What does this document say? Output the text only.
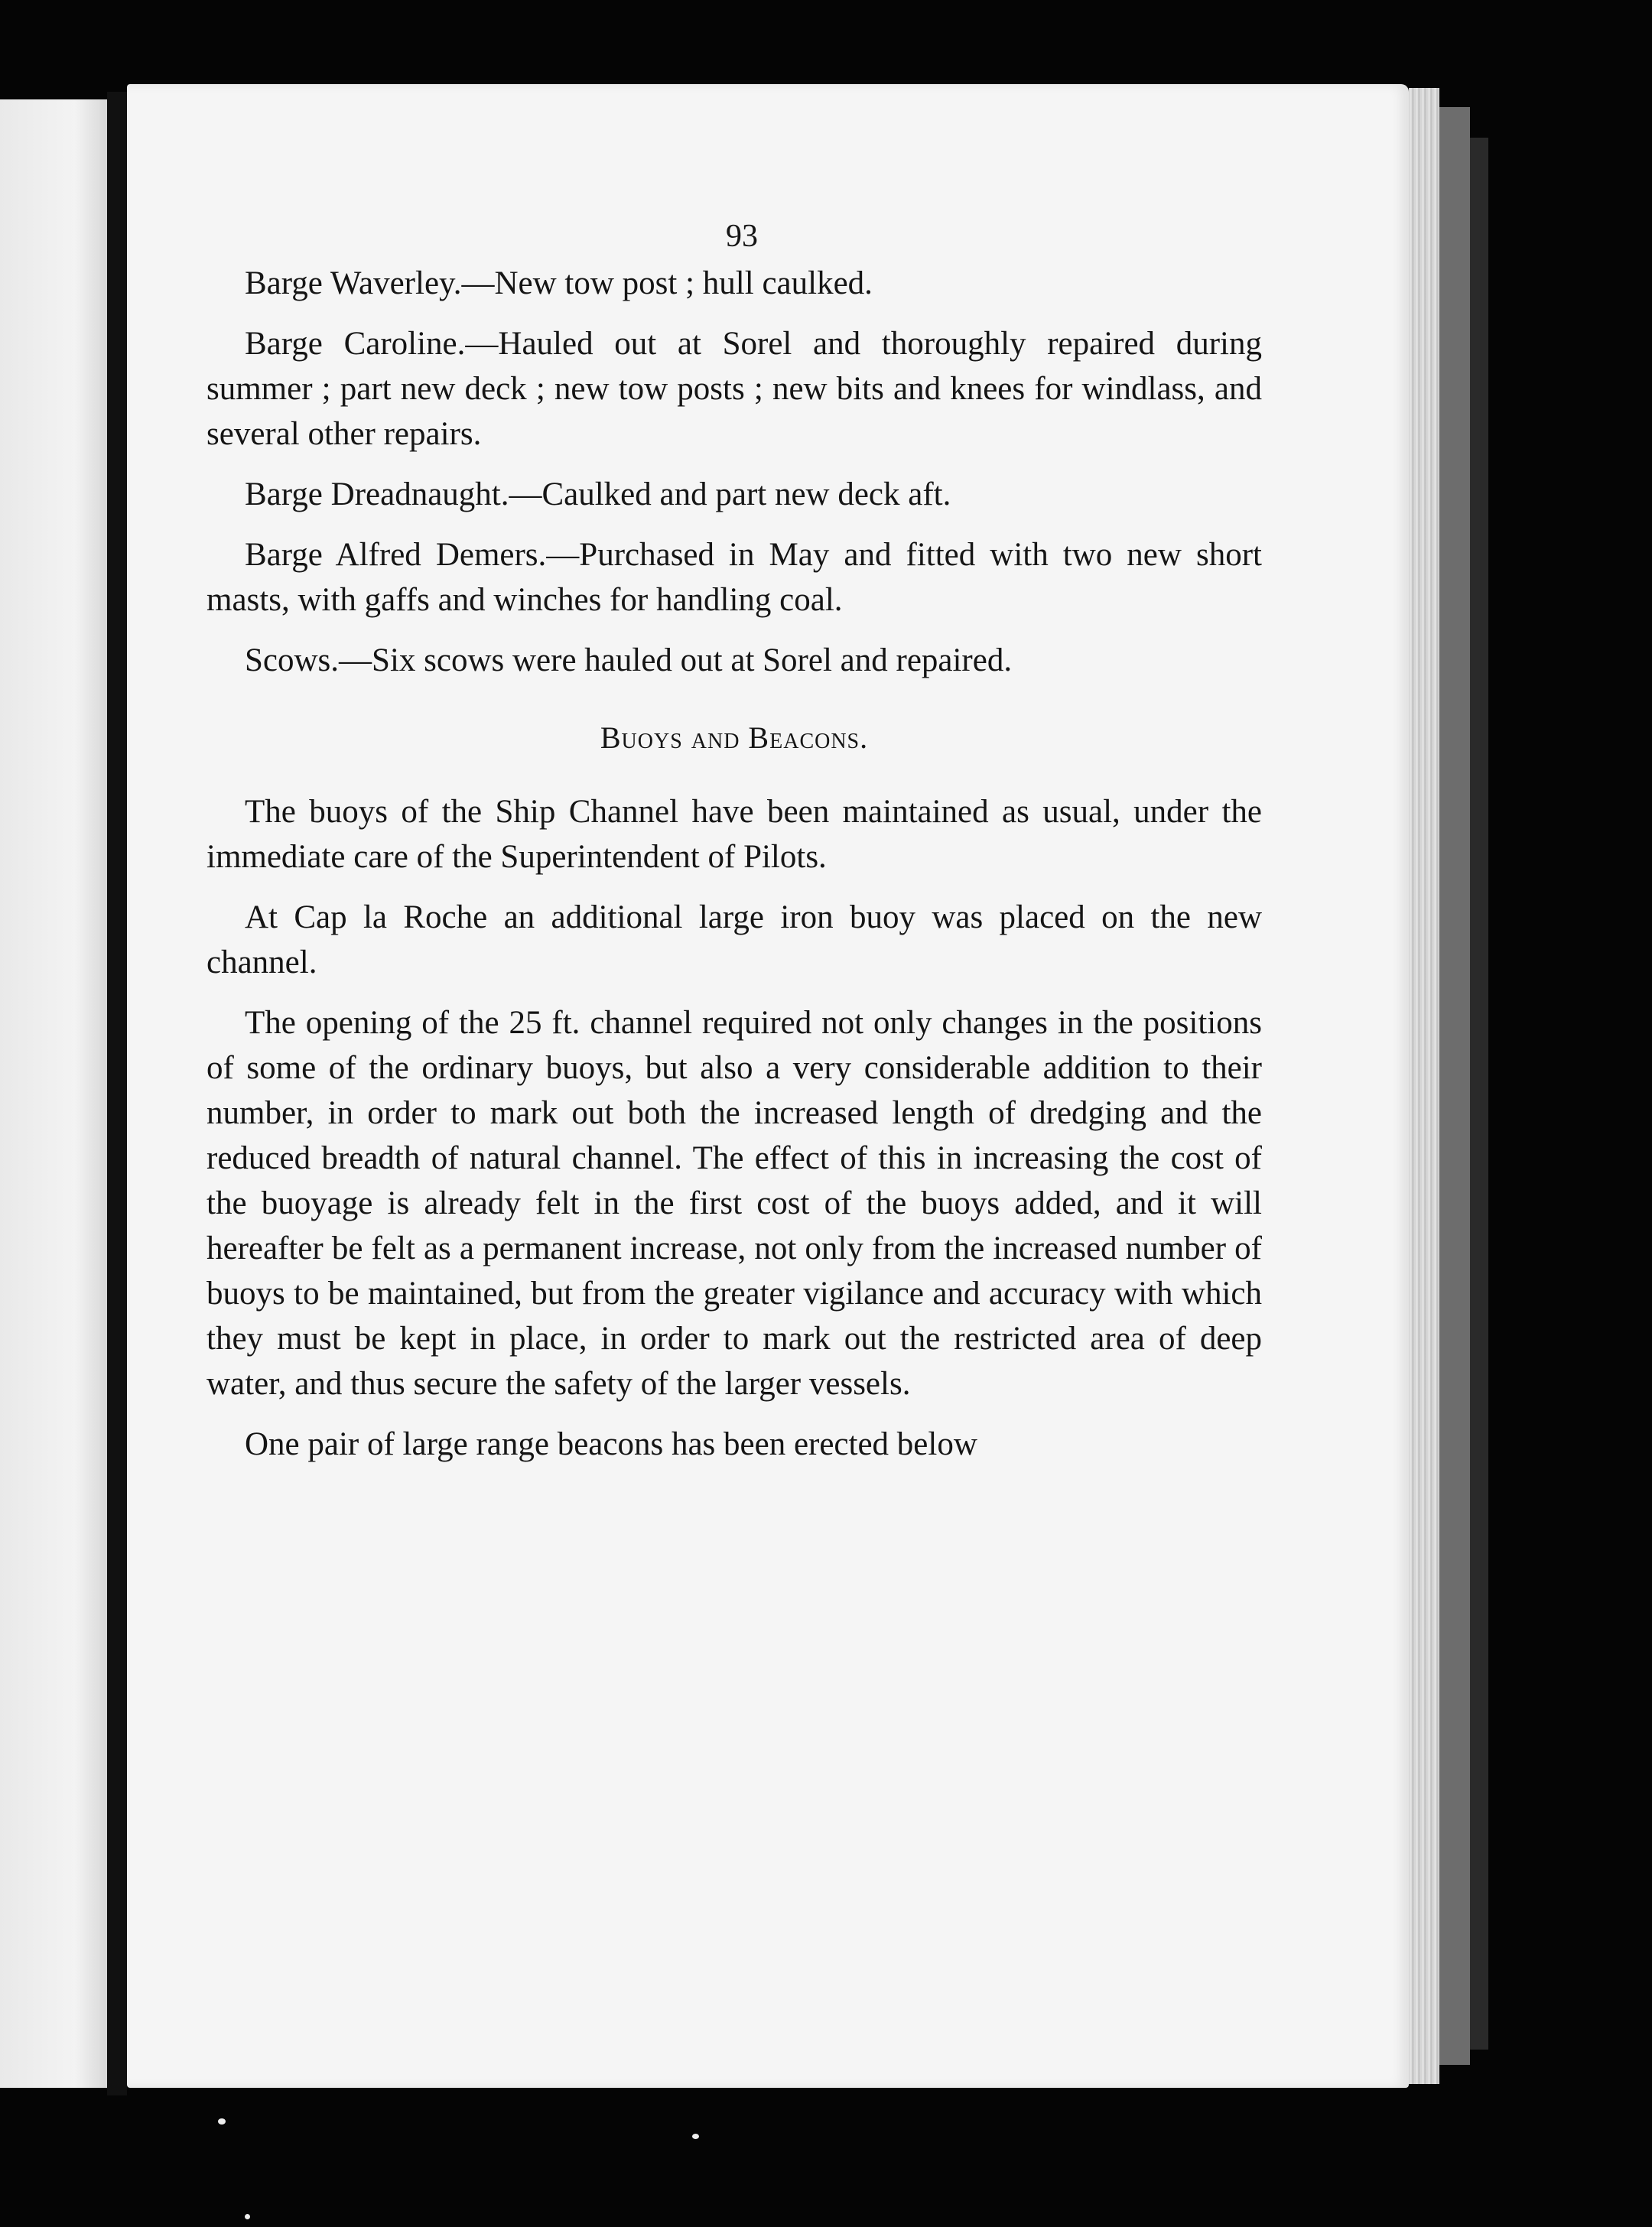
93

Barge Waverley.—New tow post ; hull caulked.

Barge Caroline.—Hauled out at Sorel and thoroughly repaired during summer ; part new deck ; new tow posts ; new bits and knees for windlass, and several other repairs.

Barge Dreadnaught.—Caulked and part new deck aft.

Barge Alfred Demers.—Purchased in May and fitted with two new short masts, with gaffs and winches for handling coal.

Scows.—Six scows were hauled out at Sorel and repaired.

Buoys and Beacons.

The buoys of the Ship Channel have been maintained as usual, under the immediate care of the Superintendent of Pilots.

At Cap la Roche an additional large iron buoy was placed on the new channel.

The opening of the 25 ft. channel required not only changes in the positions of some of the ordinary buoys, but also a very considerable addition to their number, in order to mark out both the increased length of dredging and the reduced breadth of natural channel. The effect of this in increasing the cost of the buoyage is already felt in the first cost of the buoys added, and it will hereafter be felt as a permanent increase, not only from the increased number of buoys to be maintained, but from the greater vigilance and accuracy with which they must be kept in place, in order to mark out the restricted area of deep water, and thus secure the safety of the larger vessels.

One pair of large range beacons has been erected below
